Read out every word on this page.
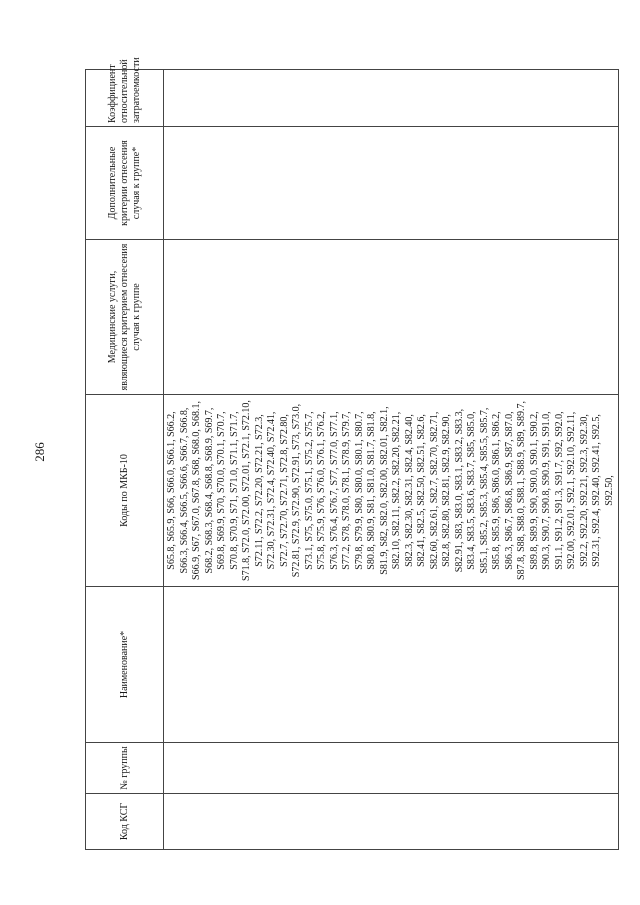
286
Код КСГ	№ группы	Наименование*	Коды по МКБ-10	Медицинские услуги, являющиеся критерием отнесения случая к группе	Дополнительные критерии отнесения случая к группе*	Коэффициент относительной затратоемкости
			S65.8, S65.9, S66, S66.0, S66.1, S66.2, S66.3, S66.4, S66.5, S66.6, S66.7, S66.8, S66.9, S67, S67.0, S67.8, S68, S68.0, S68.1, S68.2, S68.3, S68.4, S68.8, S68.9, S69.7, S69.8, S69.9, S70, S70.0, S70.1, S70.7, S70.8, S70.9, S71, S71.0, S71.1, S71.7, S71.8, S72.0, S72.00, S72.01, S72.1, S72.10, S72.11, S72.2, S72.20, S72.21, S72.3, S72.30, S72.31, S72.4, S72.40, S72.41, S72.7, S72.70, S72.71, S72.8, S72.80, S72.81, S72.9, S72.90, S72.91, S73, S73.0, S73.1, S75, S75.0, S75.1, S75.2, S75.7, S75.8, S75.9, S76, S76.0, S76.1, S76.2, S76.3, S76.4, S76.7, S77, S77.0, S77.1, S77.2, S78, S78.0, S78.1, S78.9, S79.7, S79.8, S79.9, S80, S80.0, S80.1, S80.7, S80.8, S80.9, S81, S81.0, S81.7, S81.8, S81.9, S82, S82.0, S82.00, S82.01, S82.1, S82.10, S82.11, S82.2, S82.20, S82.21, S82.3, S82.30, S82.31, S82.4, S82.40, S82.41, S82.5, S82.50, S82.51, S82.6, S82.60, S82.61, S82.7, S82.70, S82.71, S82.8, S82.80, S82.81, S82.9, S82.90, S82.91, S83, S83.0, S83.1, S83.2, S83.3, S83.4, S83.5, S83.6, S83.7, S85, S85.0, S85.1, S85.2, S85.3, S85.4, S85.5, S85.7, S85.8, S85.9, S86, S86.0, S86.1, S86.2, S86.3, S86.7, S86.8, S86.9, S87, S87.0, S87.8, S88, S88.0, S88.1, S88.9, S89, S89.7, S89.8, S89.9, S90, S90.0, S90.1, S90.2, S90.3, S90.7, S90.8, S90.9, S91, S91.0, S91.1, S91.2, S91.3, S91.7, S92, S92.0, S92.00, S92.01, S92.1, S92.10, S92.11, S92.2, S92.20, S92.21, S92.3, S92.30, S92.31, S92.4, S92.40, S92.41, S92.5, S92.50,			
